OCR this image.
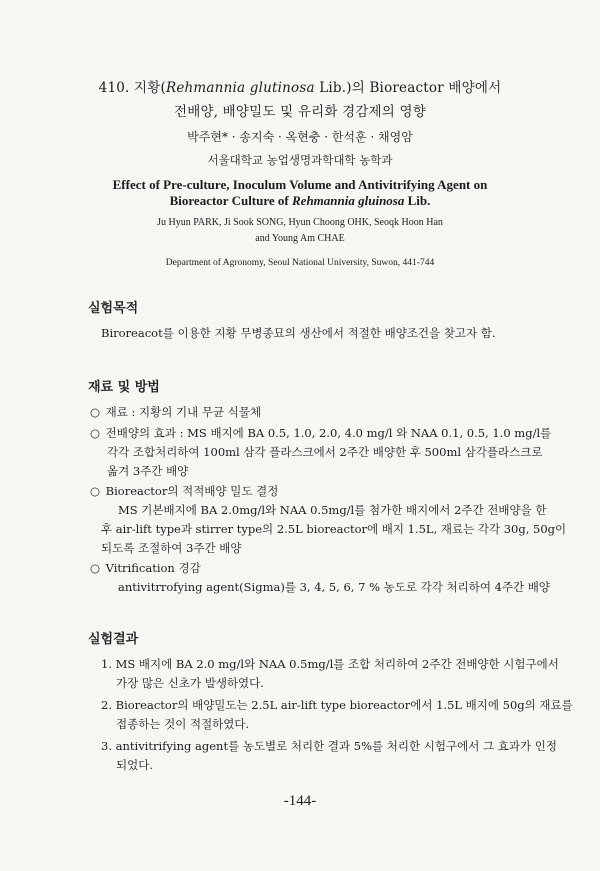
410. 지황(Rehmannia glutinosa Lib.)의 Bioreactor 배양에서
전배양, 배양밀도 및 유리화 경감제의 영향
박주현* · 송지숙 · 옥현충 · 한석훈 · 채영암
서울대학교 농업생명과학대학 농학과
Effect of Pre-culture, Inoculum Volume and Antivitrifying Agent on
Bioreactor Culture of Rehmannia gluinosa Lib.
Ju Hyun PARK, Ji Sook SONG, Hyun Choong OHK, Seoqk Hoon Han
and Young Am CHAE
Department of Agronomy, Seoul National University, Suwon, 441-744
실험목적
Biroreacot를 이용한 지황 무병종묘의 생산에서 적절한 배양조건을 찾고자 함.
재료 및 방법
○ 재료 : 지황의 기내 무균 식물체
○ 전배양의 효과 : MS 배지에 BA 0.5, 1.0, 2.0, 4.0 mg/l 와 NAA 0.1, 0.5, 1.0 mg/l를
각각 조합처리하여 100ml 삼각 플라스크에서 2주간 배양한 후 500ml 삼각플라스크로
옮겨 3주간 배양
○ Bioreactor의 적적배양 밀도 결정
MS 기본배지에 BA 2.0mg/l와 NAA 0.5mg/l를 첨가한 배지에서 2주간 전배양을 한
후 air-lift type과 stirrer type의 2.5L bioreactor에 배지 1.5L, 재료는 각각 30g, 50g이
되도록 조절하여 3주간 배양
○ Vitrification 경감
antivitrrofying agent(Sigma)를 3, 4, 5, 6, 7 % 농도로 각각 처리하여 4주간 배양
실험결과
1. MS 배지에 BA 2.0 mg/l와 NAA 0.5mg/l를 조합 처리하여 2주간 전배양한 시험구에서
가장 많은 신초가 발생하였다.
2. Bioreactor의 배양밀도는 2.5L air-lift type bioreactor에서 1.5L 배지에 50g의 재료를
접종하는 것이 적절하였다.
3. antivitrifying agent를 농도별로 처리한 결과 5%를 처리한 시험구에서 그 효과가 인정
되었다.
-144-
